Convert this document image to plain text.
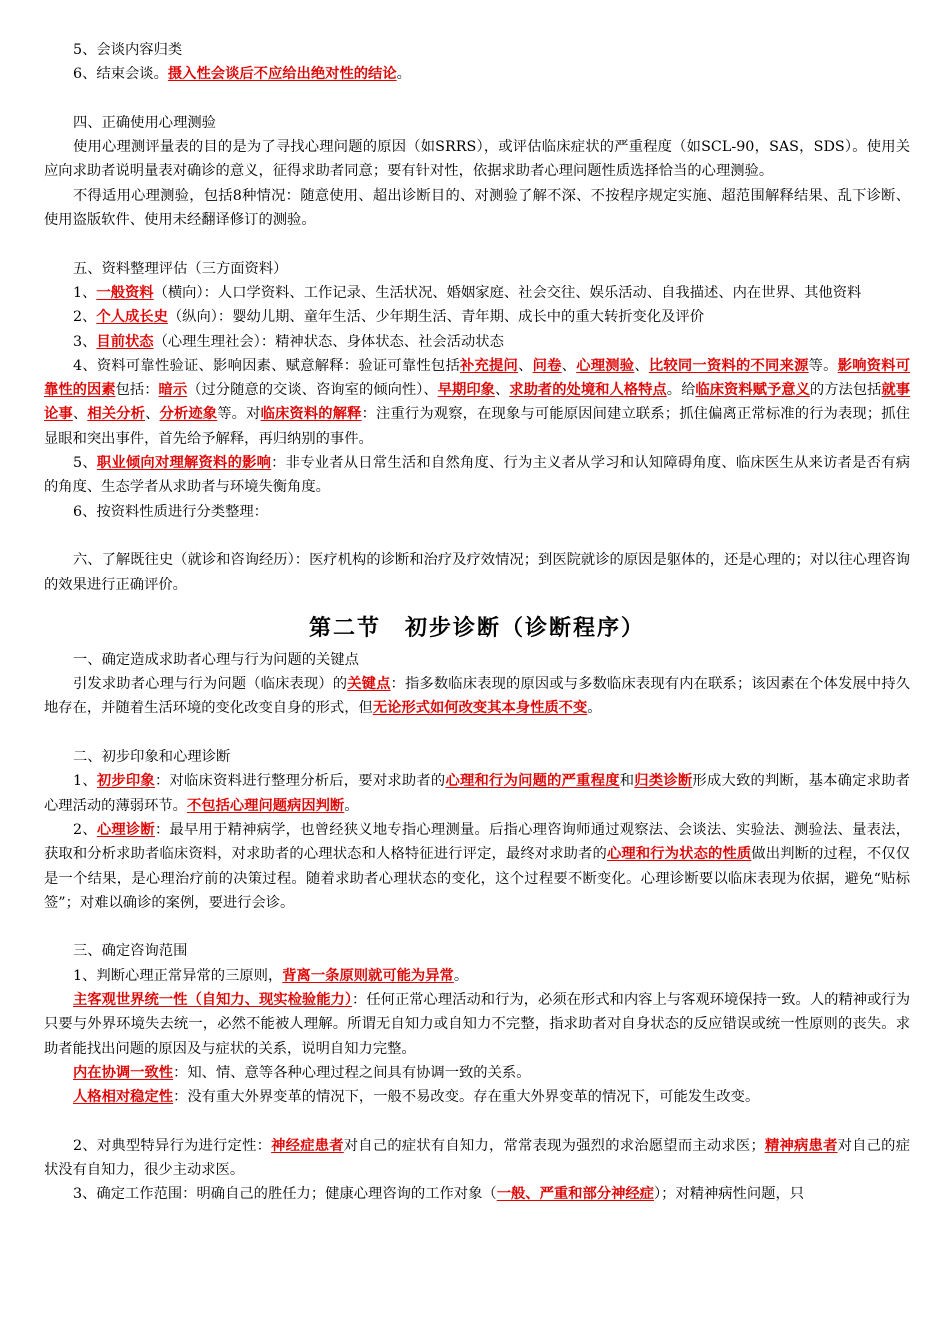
5、会谈内容归类

6、结束会谈。摄入性会谈后不应给出绝对性的结论。

四、正确使用心理测验

使用心理测评量表的目的是为了寻找心理问题的原因（如SRRS），或评估临床症状的严重程度（如SCL-90，SAS，SDS）。使用关应向求助者说明量表对确诊的意义，征得求助者同意；要有针对性，依据求助者心理问题性质选择恰当的心理测验。

不得适用心理测验，包括8种情况：随意使用、超出诊断目的、对测验了解不深、不按程序规定实施、超范围解释结果、乱下诊断、使用盗版软件、使用未经翻译修订的测验。

五、资料整理评估（三方面资料）

1、一般资料（横向）：人口学资料、工作记录、生活状况、婚姻家庭、社会交往、娱乐活动、自我描述、内在世界、其他资料

2、个人成长史（纵向）：婴幼儿期、童年生活、少年期生活、青年期、成长中的重大转折变化及评价

3、目前状态（心理生理社会）：精神状态、身体状态、社会活动状态

4、资料可靠性验证、影响因素、赋意解释：验证可靠性包括补充提问、问卷、心理测验、比较同一资料的不同来源等。影响资料可靠性的因素包括：暗示（过分随意的交谈、咨询室的倾向性）、早期印象、求助者的处境和人格特点。给临床资料赋予意义的方法包括就事论事、相关分析、分析迹象等。对临床资料的解释：注重行为观察，在现象与可能原因间建立联系；抓住偏离正常标准的行为表现；抓住显眼和突出事件，首先给予解释，再归纳别的事件。

5、职业倾向对理解资料的影响：非专业者从日常生活和自然角度、行为主义者从学习和认知障碍角度、临床医生从来访者是否有病的角度、生态学者从求助者与环境失衡角度。

6、按资料性质进行分类整理：

六、了解既往史（就诊和咨询经历）：医疗机构的诊断和治疗及疗效情况；到医院就诊的原因是躯体的，还是心理的；对以往心理咨询的效果进行正确评价。

第二节　初步诊断（诊断程序）

一、确定造成求助者心理与行为问题的关键点

引发求助者心理与行为问题（临床表现）的关键点：指多数临床表现的原因或与多数临床表现有内在联系；该因素在个体发展中持久地存在，并随着生活环境的变化改变自身的形式，但无论形式如何改变其本身性质不变。

二、初步印象和心理诊断

1、初步印象：对临床资料进行整理分析后，要对求助者的心理和行为问题的严重程度和归类诊断形成大致的判断，基本确定求助者心理活动的薄弱环节。不包括心理问题病因判断。

2、心理诊断：最早用于精神病学，也曾经狭义地专指心理测量。后指心理咨询师通过观察法、会谈法、实验法、测验法、量表法，获取和分析求助者临床资料，对求助者的心理状态和人格特征进行评定，最终对求助者的心理和行为状态的性质做出判断的过程，不仅仅是一个结果，是心理治疗前的决策过程。随着求助者心理状态的变化，这个过程要不断变化。心理诊断要以临床表现为依据，避免“贴标签”；对难以确诊的案例，要进行会诊。

三、确定咨询范围

1、判断心理正常异常的三原则，背离一条原则就可能为异常。

主客观世界统一性（自知力、现实检验能力）：任何正常心理活动和行为，必须在形式和内容上与客观环境保持一致。人的精神或行为只要与外界环境失去统一，必然不能被人理解。所谓无自知力或自知力不完整，指求助者对自身状态的反应错误或统一性原则的丧失。求助者能找出问题的原因及与症状的关系，说明自知力完整。

内在协调一致性：知、情、意等各种心理过程之间具有协调一致的关系。

人格相对稳定性：没有重大外界变革的情况下，一般不易改变。存在重大外界变革的情况下，可能发生改变。

2、对典型特异行为进行定性：神经症患者对自己的症状有自知力，常常表现为强烈的求治愿望而主动求医；精神病患者对自己的症状没有自知力，很少主动求医。

3、确定工作范围：明确自己的胜任力；健康心理咨询的工作对象（一般、严重和部分神经症）；对精神病性问题，只
